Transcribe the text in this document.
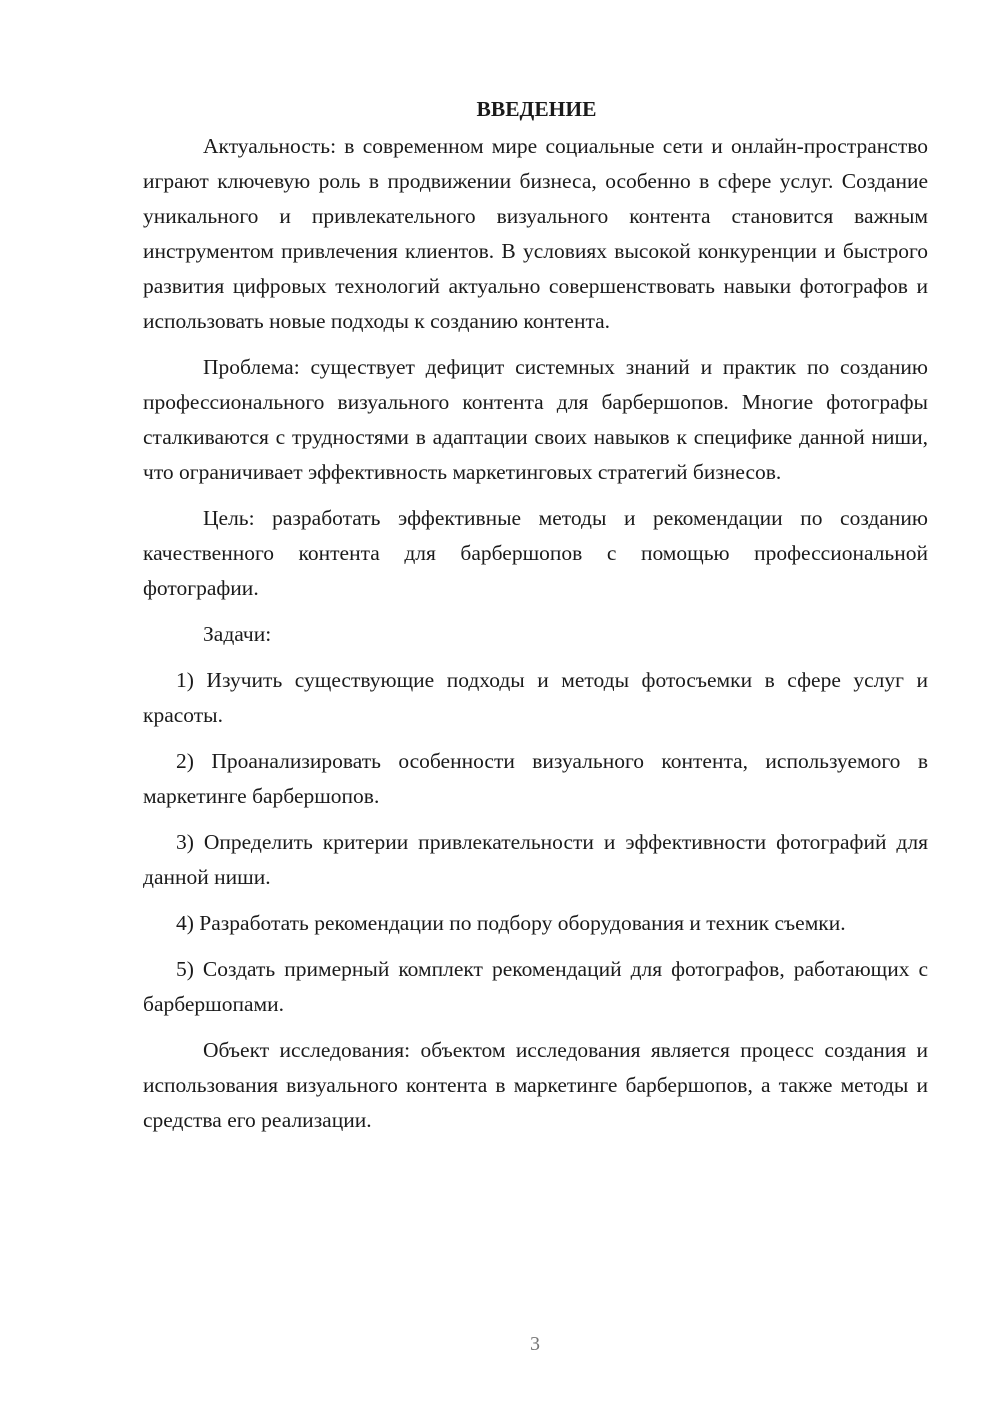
ВВЕДЕНИЕ

Актуальность: в современном мире социальные сети и онлайн-пространство играют ключевую роль в продвижении бизнеса, особенно в сфере услуг. Создание уникального и привлекательного визуального контента становится важным инструментом привлечения клиентов. В условиях высокой конкуренции и быстрого развития цифровых технологий актуально совершенствовать навыки фотографов и использовать новые подходы к созданию контента.

Проблема: существует дефицит системных знаний и практик по созданию профессионального визуального контента для барбершопов. Многие фотографы сталкиваются с трудностями в адаптации своих навыков к специфике данной ниши, что ограничивает эффективность маркетинговых стратегий бизнесов.

Цель: разработать эффективные методы и рекомендации по созданию качественного контента для барбершопов с помощью профессиональной фотографии.

Задачи:

1) Изучить существующие подходы и методы фотосъемки в сфере услуг и красоты.

2) Проанализировать особенности визуального контента, используемого в маркетинге барбершопов.

3) Определить критерии привлекательности и эффективности фотографий для данной ниши.

4) Разработать рекомендации по подбору оборудования и техник съемки.

5) Создать примерный комплект рекомендаций для фотографов, работающих с барбершопами.

Объект исследования: объектом исследования является процесс создания и использования визуального контента в маркетинге барбершопов, а также методы и средства его реализации.

3
